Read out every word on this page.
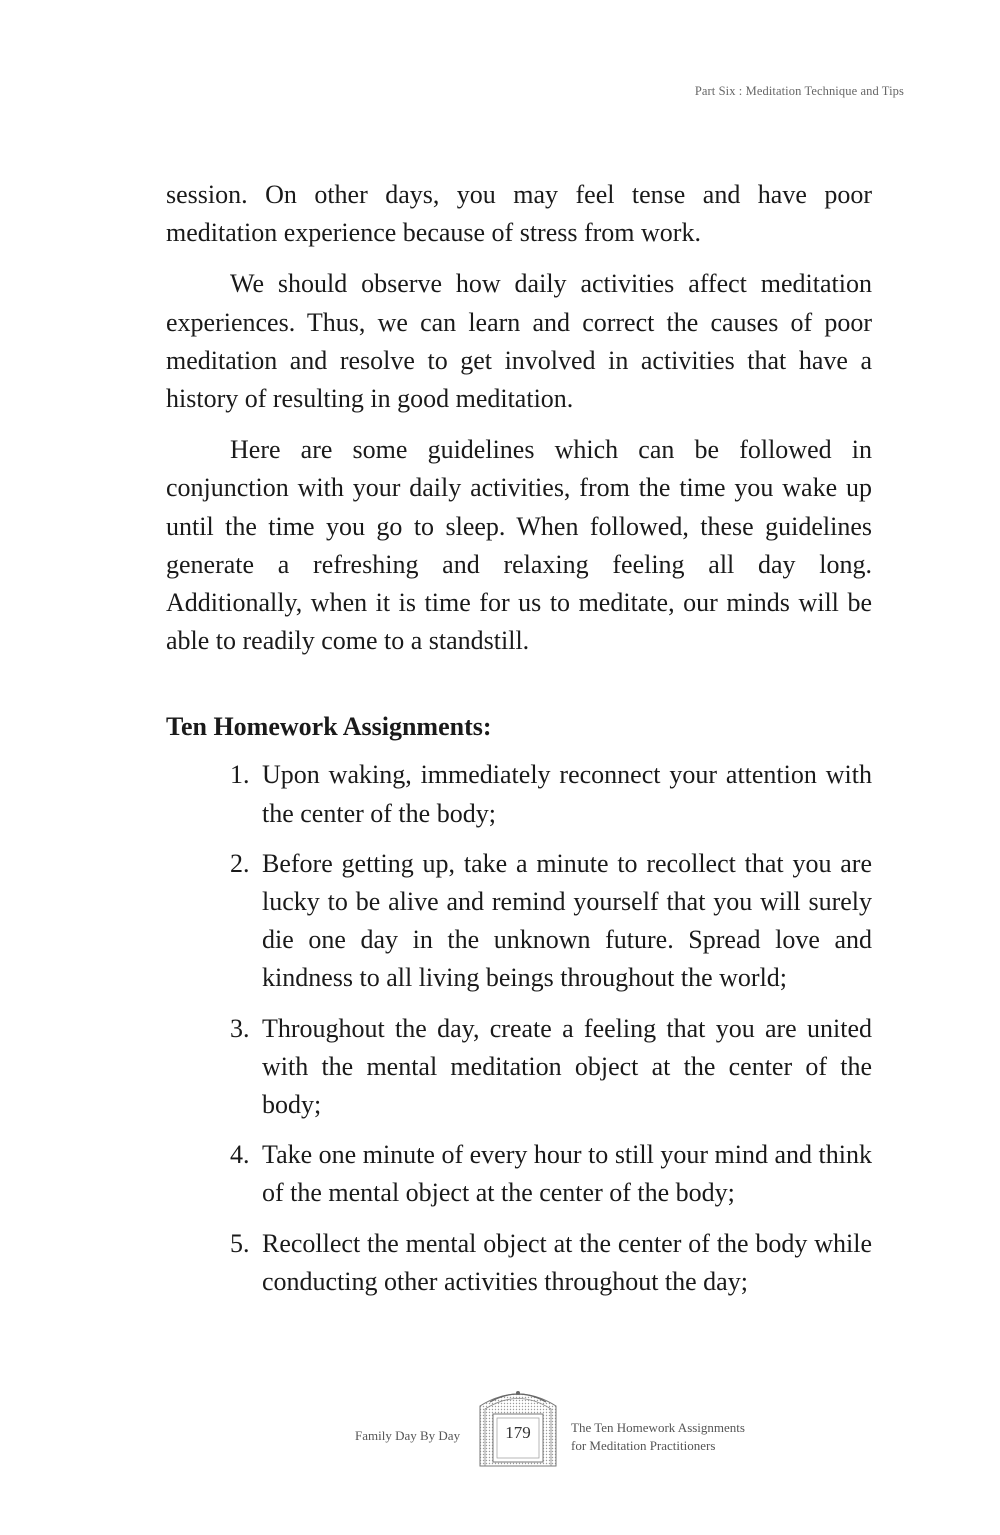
Part Six : Meditation Technique and Tips

session. On other days, you may feel tense and have poor meditation experience because of stress from work.

We should observe how daily activities affect meditation experiences. Thus, we can learn and correct the causes of poor meditation and resolve to get involved in activities that have a history of resulting in good meditation.

Here are some guidelines which can be followed in conjunction with your daily activities, from the time you wake up until the time you go to sleep. When followed, these guidelines generate a refreshing and relaxing feeling all day long. Additionally, when it is time for us to meditate, our minds will be able to readily come to a standstill.

Ten Homework Assignments:
1. Upon waking, immediately reconnect your attention with the center of the body;
2. Before getting up, take a minute to recollect that you are lucky to be alive and remind yourself that you will surely die one day in the unknown future. Spread love and kindness to all living beings throughout the world;
3. Throughout the day, create a feeling that you are united with the mental meditation object at the center of the body;
4. Take one minute of every hour to still your mind and think of the mental object at the center of the body;
5. Recollect the mental object at the center of the body while conducting other activities throughout the day;
Family Day By Day	179	The Ten Homework Assignments
for Meditation Practitioners
